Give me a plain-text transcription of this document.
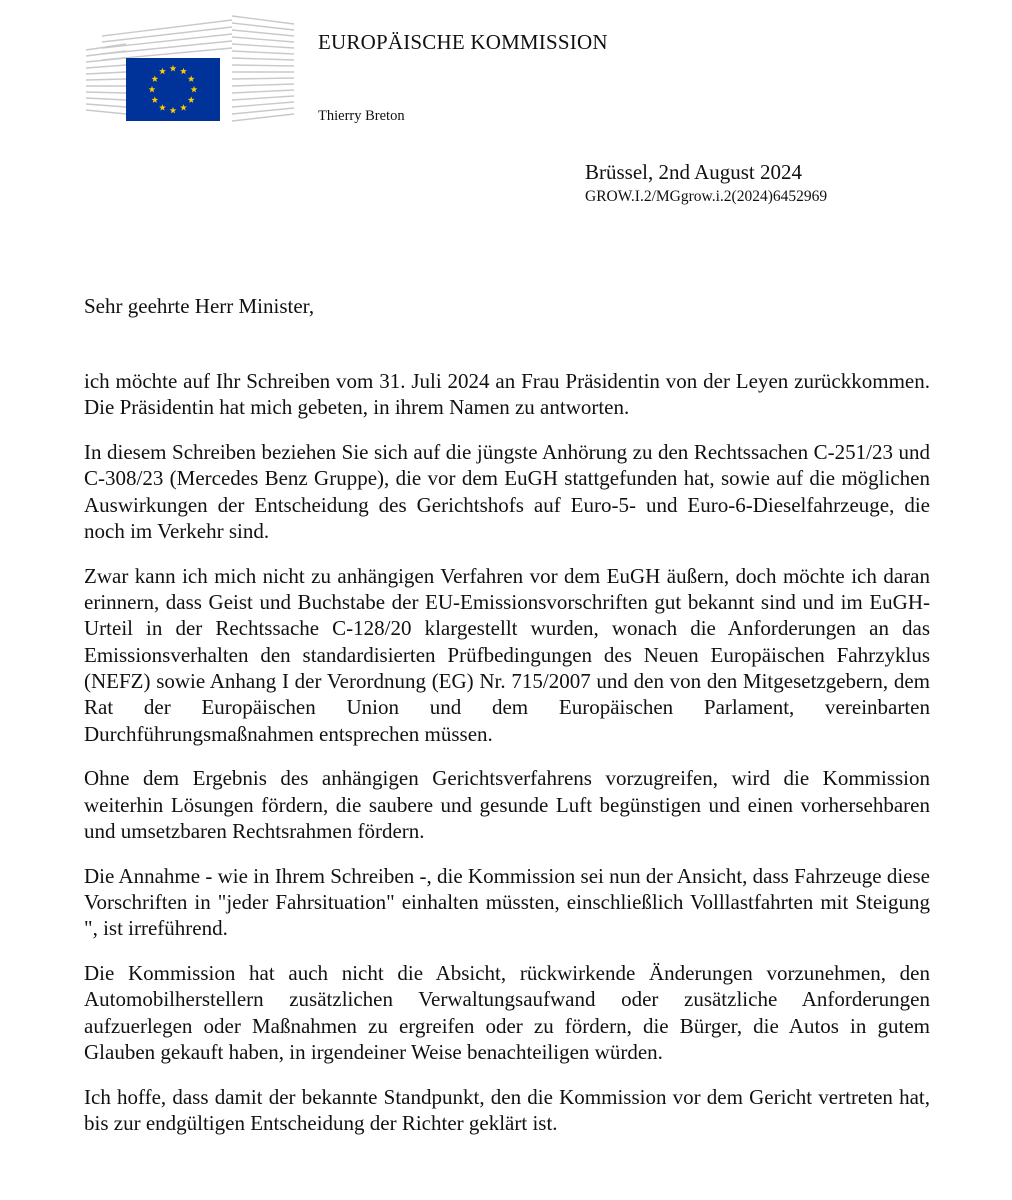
EUROPÄISCHE KOMMISSION
Thierry Breton
Brüssel, 2nd August 2024
GROW.I.2/MGgrow.i.2(2024)6452969
Sehr geehrte Herr Minister,

ich möchte auf Ihr Schreiben vom 31. Juli 2024 an Frau Präsidentin von der Leyen zurückkommen. Die Präsidentin hat mich gebeten, in ihrem Namen zu antworten.

In diesem Schreiben beziehen Sie sich auf die jüngste Anhörung zu den Rechtssachen C-251/23 und C-308/23 (Mercedes Benz Gruppe), die vor dem EuGH stattgefunden hat, sowie auf die möglichen Auswirkungen der Entscheidung des Gerichtshofs auf Euro-5- und Euro-6-Dieselfahrzeuge, die noch im Verkehr sind.

Zwar kann ich mich nicht zu anhängigen Verfahren vor dem EuGH äußern, doch möchte ich daran erinnern, dass Geist und Buchstabe der EU-Emissionsvorschriften gut bekannt sind und im EuGH-Urteil in der Rechtssache C-128/20 klargestellt wurden, wonach die Anforderungen an das Emissionsverhalten den standardisierten Prüfbedingungen des Neuen Europäischen Fahrzyklus (NEFZ) sowie Anhang I der Verordnung (EG) Nr. 715/2007 und den von den Mitgesetzgebern, dem Rat der Europäischen Union und dem Europäischen Parlament, vereinbarten Durchführungsmaßnahmen entsprechen müssen.

Ohne dem Ergebnis des anhängigen Gerichtsverfahrens vorzugreifen, wird die Kommission weiterhin Lösungen fördern, die saubere und gesunde Luft begünstigen und einen vorhersehbaren und umsetzbaren Rechtsrahmen fördern.

Die Annahme - wie in Ihrem Schreiben -, die Kommission sei nun der Ansicht, dass Fahrzeuge diese Vorschriften in "jeder Fahrsituation" einhalten müssten, einschließlich Volllastfahrten mit Steigung ", ist irreführend.

Die Kommission hat auch nicht die Absicht, rückwirkende Änderungen vorzunehmen, den Automobilherstellern zusätzlichen Verwaltungsaufwand oder zusätzliche Anforderungen aufzuerlegen oder Maßnahmen zu ergreifen oder zu fördern, die Bürger, die Autos in gutem Glauben gekauft haben, in irgendeiner Weise benachteiligen würden.

Ich hoffe, dass damit der bekannte Standpunkt, den die Kommission vor dem Gericht vertreten hat, bis zur endgültigen Entscheidung der Richter geklärt ist.
